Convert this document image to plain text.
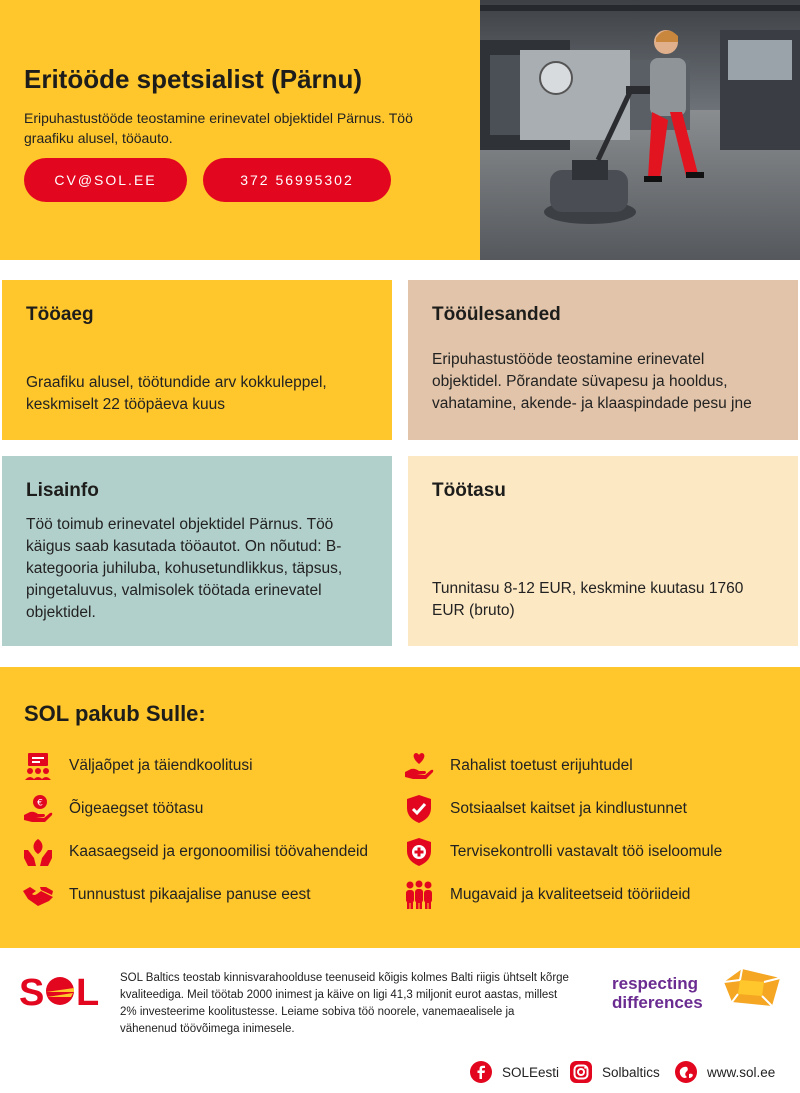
Eritööde spetsialist (Pärnu)

Eripuhastustööde teostamine erinevatel objektidel Pärnus. Töö graafiku alusel, tööauto.

CV@SOL.EE	372 56995302
Tööaeg

Graafiku alusel, töötundide arv kokkuleppel, keskmiselt 22 tööpäeva kuus

Tööülesanded

Eripuhastustööde teostamine erinevatel objektidel. Põrandate süvapesu ja hooldus, vahatamine, akende- ja klaaspindade pesu jne

Lisainfo

Töö toimub erinevatel objektidel Pärnus. Töö käigus saab kasutada tööautot. On nõutud: B-kategooria juhiluba, kohusetundlikkus, täpsus, pingetaluvus, valmisolek töötada erinevatel objektidel.

Töötasu

Tunnitasu 8-12 EUR, keskmine kuutasu 1760 EUR (bruto)

SOL pakub Sulle:
Väljaõpet ja täiendkoolitusi	Rahalist toetust erijuhtudel
€ Õigeaegset töötasu	Sotsiaalset kaitset ja kindlustunnet
Kaasaegseid ja ergonoomilisi töövahendeid	Tervisekontrolli vastavalt töö iseloomule
Tunnustust pikaajalise panuse eest	Mugavaid ja kvaliteetseid tööriideid
S L SOL Baltics teostab kinnisvarahoolduse teenuseid kõigis kolmes Balti riigis ühtselt kõrge kvaliteediga. Meil töötab 2000 inimest ja käive on ligi 41,3 miljonit eurot aastas, millest 2% investeerime koolitustesse. Leiame sobiva töö noorele, vanemaealisele ja vähenenud töövõimega inimesele.

respecting
differences
SOLEesti	Solbaltics	www.sol.ee
